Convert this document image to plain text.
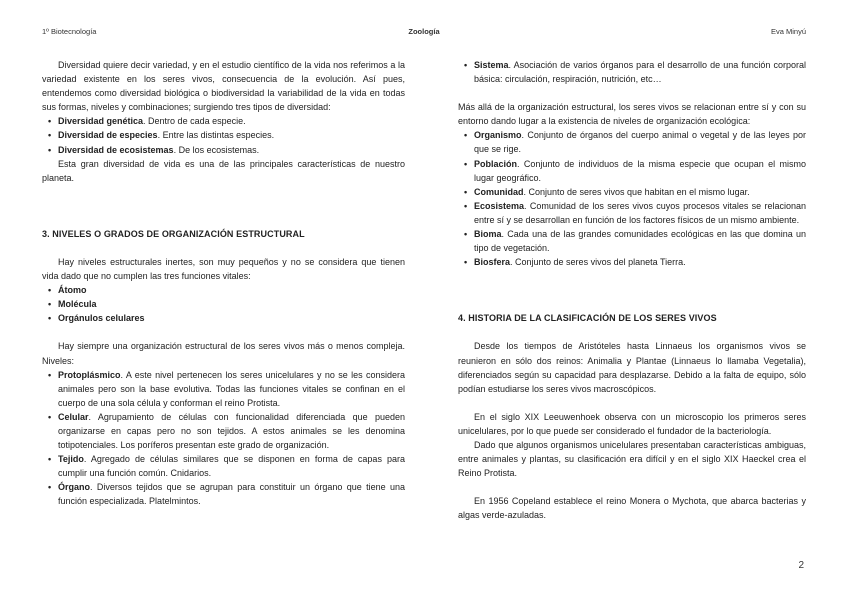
1º Biotecnología	Zoología	Eva Minyú

Diversidad quiere decir variedad, y en el estudio científico de la vida nos referimos a la variedad existente en los seres vivos, consecuencia de la evolución. Así pues, entendemos como diversidad biológica o biodiversidad la variabilidad de la vida en todas sus formas, niveles y combinaciones; surgiendo tres tipos de diversidad:

• Diversidad genética. Dentro de cada especie.
• Diversidad de especies. Entre las distintas especies.
• Diversidad de ecosistemas. De los ecosistemas.

Esta gran diversidad de vida es una de las principales características de nuestro planeta.

3. NIVELES O GRADOS DE ORGANIZACIÓN ESTRUCTURAL

Hay niveles estructurales inertes, son muy pequeños y no se considera que tienen vida dado que no cumplen las tres funciones vitales:

• Átomo
• Molécula
• Orgánulos celulares

Hay siempre una organización estructural de los seres vivos más o menos compleja. Niveles:

• Protoplásmico. A este nivel pertenecen los seres unicelulares y no se les considera animales pero son la base evolutiva. Todas las funciones vitales se confinan en el cuerpo de una sola célula y conforman el reino Protista.
• Celular. Agrupamiento de células con funcionalidad diferenciada que pueden organizarse en capas pero no son tejidos. A estos animales se les denomina totipotenciales. Los poríferos presentan este grado de organización.
• Tejido. Agregado de células similares que se disponen en forma de capas para cumplir una función común. Cnidarios.
• Órgano. Diversos tejidos que se agrupan para constituir un órgano que tiene una función especializada. Platelmintos.
• Sistema. Asociación de varios órganos para el desarrollo de una función corporal básica: circulación, respiración, nutrición, etc…

Más allá de la organización estructural, los seres vivos se relacionan entre sí y con su entorno dando lugar a la existencia de niveles de organización ecológica:

• Organismo. Conjunto de órganos del cuerpo animal o vegetal y de las leyes por que se rige.
• Población. Conjunto de individuos de la misma especie que ocupan el mismo lugar geográfico.
• Comunidad. Conjunto de seres vivos que habitan en el mismo lugar.
• Ecosistema. Comunidad de los seres vivos cuyos procesos vitales se relacionan entre sí y se desarrollan en función de los factores físicos de un mismo ambiente.
• Bioma. Cada una de las grandes comunidades ecológicas en las que domina un tipo de vegetación.
• Biosfera. Conjunto de seres vivos del planeta Tierra.
4. HISTORIA DE LA CLASIFICACIÓN DE LOS SERES VIVOS

Desde los tiempos de Aristóteles hasta Linnaeus los organismos vivos se reunieron en sólo dos reinos: Animalia y Plantae (Linnaeus lo llamaba Vegetalia), diferenciados según su capacidad para desplazarse. Debido a la falta de equipo, sólo podían estudiarse los seres vivos macroscópicos.

En el siglo XIX Leeuwenhoek observa con un microscopio los primeros seres unicelulares, por lo que puede ser considerado el fundador de la bacteriología.

Dado que algunos organismos unicelulares presentaban características ambiguas, entre animales y plantas, su clasificación era difícil y en el siglo XIX Haeckel crea el Reino Protista.

En 1956 Copeland establece el reino Monera o Mychota, que abarca bacterias y algas verde-azuladas.

2
